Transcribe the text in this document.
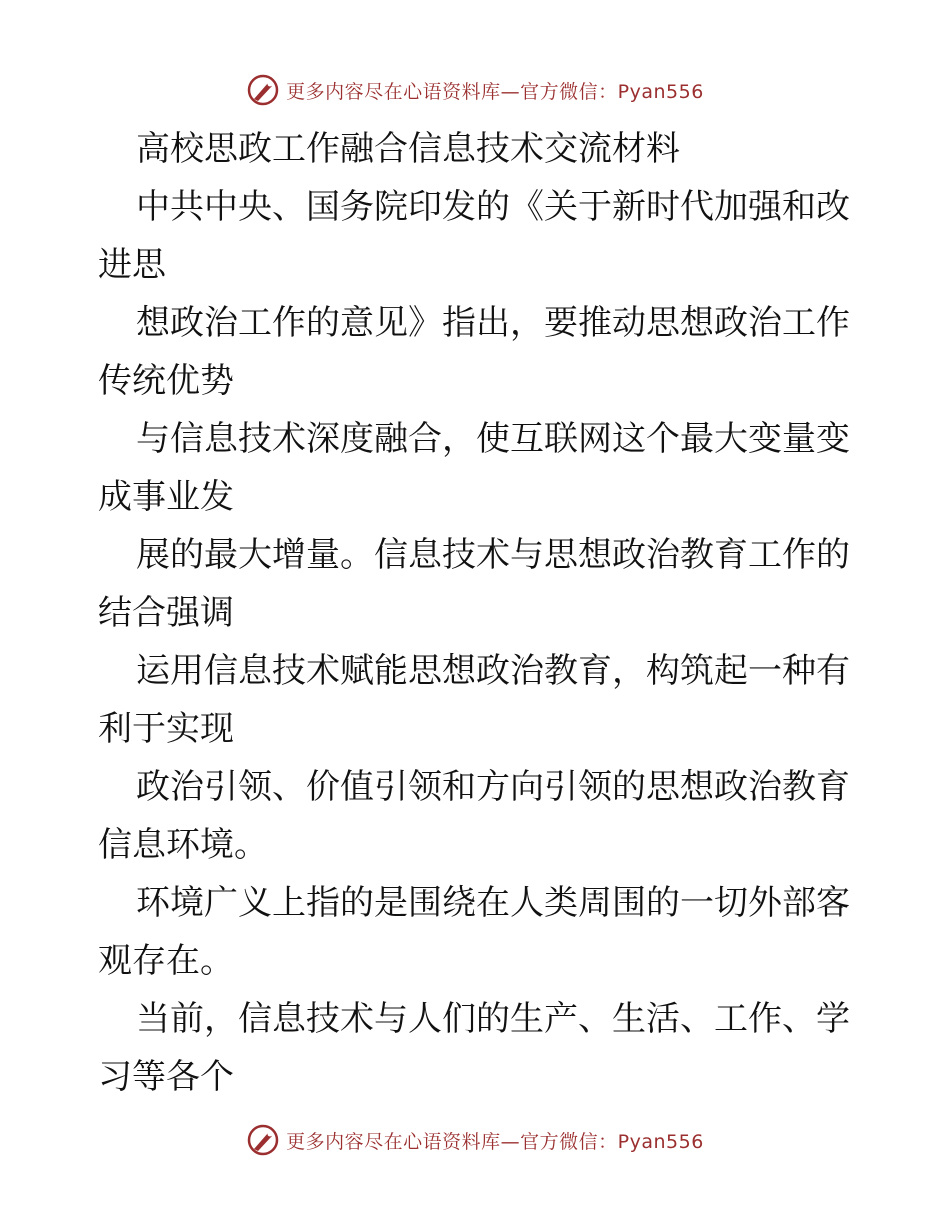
更多内容尽在心语资料库—官方微信：Pyan556

高校思政工作融合信息技术交流材料

中共中央、国务院印发的《关于新时代加强和改

进思

想政治工作的意见》指出，要推动思想政治工作

传统优势

与信息技术深度融合，使互联网这个最大变量变

成事业发

展的最大增量。信息技术与思想政治教育工作的

结合强调

运用信息技术赋能思想政治教育，构筑起一种有

利于实现

政治引领、价值引领和方向引领的思想政治教育

信息环境。

环境广义上指的是围绕在人类周围的一切外部客

观存在。

当前，信息技术与人们的生产、生活、工作、学

习等各个

更多内容尽在心语资料库—官方微信：Pyan556
